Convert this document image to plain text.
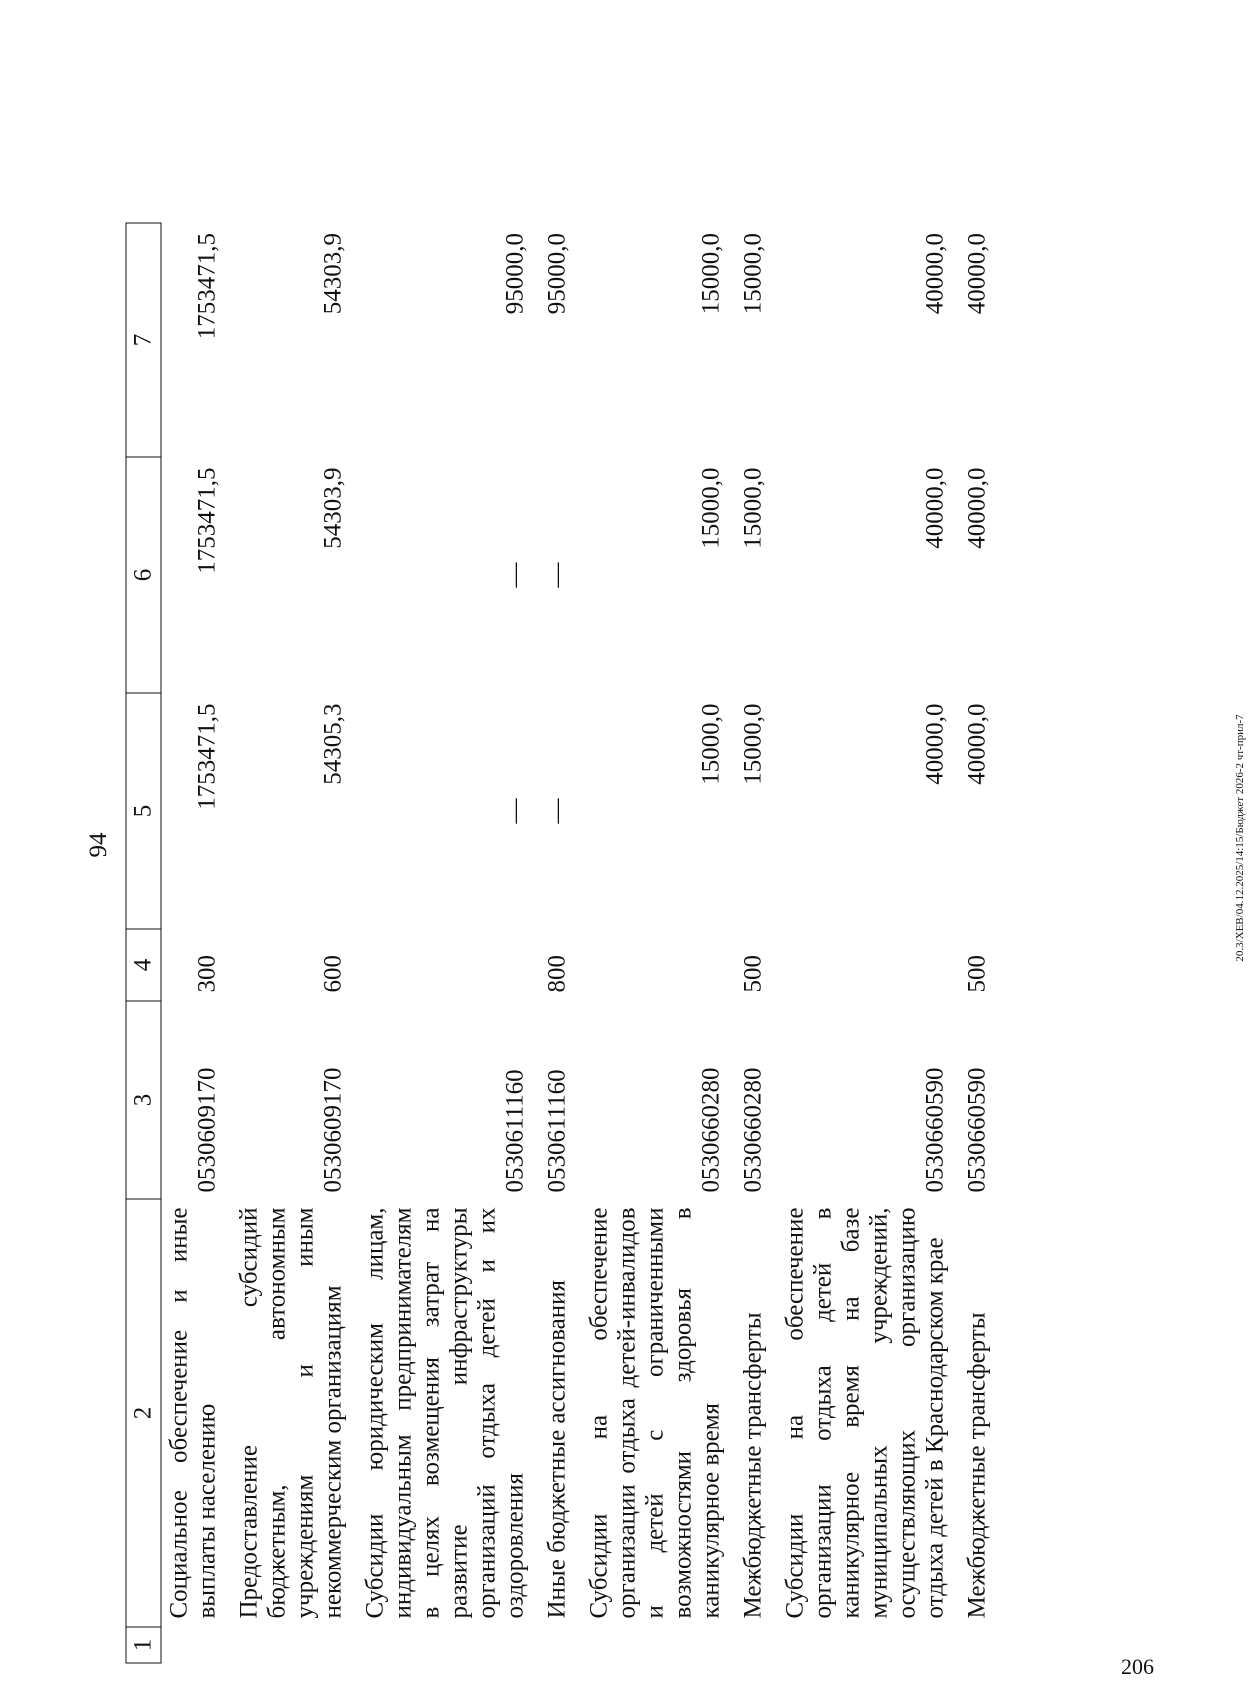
94
1	2	3	4	5	6	7
	Социальное обеспечение и иные выплаты населению	0530609170	300	1753471,5	1753471,5	1753471,5
	Предоставление субсидий бюджетным, автономным учреждениям и иным некоммерческим организациям	0530609170	600	54305,3	54303,9	54303,9
	Субсидии юридическим лицам, индивидуальным предпринимателям в целях возмещения затрат на развитие инфраструктуры организаций отдыха детей и их оздоровления	0530611160		—	—	95000,0
	Иные бюджетные ассигнования	0530611160	800	—	—	95000,0
	Субсидии на обеспечение организации отдыха детей-инвалидов и детей с ограниченными возможностями здоровья в каникулярное время	0530660280		15000,0	15000,0	15000,0
	Межбюджетные трансферты	0530660280	500	15000,0	15000,0	15000,0
	Субсидии на обеспечение организации отдыха детей в каникулярное время на базе муниципальных учреждений, осуществляющих организацию отдыха детей в Краснодарском крае	0530660590		40000,0	40000,0	40000,0
	Межбюджетные трансферты	0530660590	500	40000,0	40000,0	40000,0
20.3/ХЕВ/04.12.2025/14:15/Бюджет 2026-2 чт-прил-7
206
